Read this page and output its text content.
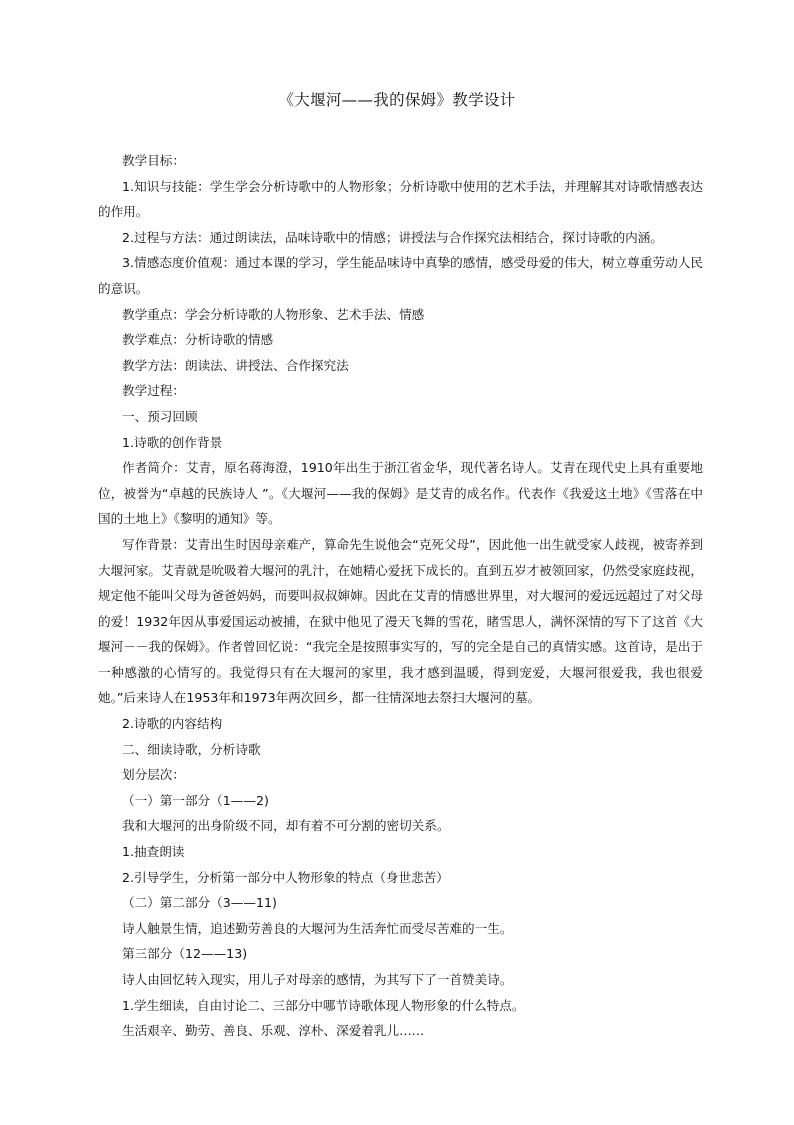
《大堰河——我的保姆》教学设计

教学目标：

1.知识与技能：学生学会分析诗歌中的人物形象；分析诗歌中使用的艺术手法，并理解其对诗歌情感表达的作用。

2.过程与方法：通过朗读法，品味诗歌中的情感；讲授法与合作探究法相结合，探讨诗歌的内涵。

3.情感态度价值观：通过本课的学习，学生能品味诗中真挚的感情，感受母爱的伟大，树立尊重劳动人民的意识。

教学重点：学会分析诗歌的人物形象、艺术手法、情感

教学难点：分析诗歌的情感

教学方法：朗读法、讲授法、合作探究法

教学过程：

一、预习回顾

1.诗歌的创作背景

作者简介：艾青，原名蒋海澄，1910年出生于浙江省金华，现代著名诗人。艾青在现代史上具有重要地位，被誉为“卓越的民族诗人 ”。《大堰河——我的保姆》是艾青的成名作。代表作《我爱这土地》《雪落在中国的土地上》《黎明的通知》等。

写作背景：艾青出生时因母亲难产，算命先生说他会“克死父母”，因此他一出生就受家人歧视，被寄养到大堰河家。艾青就是吮吸着大堰河的乳汁，在她精心爱抚下成长的。直到五岁才被领回家，仍然受家庭歧视，规定他不能叫父母为爸爸妈妈，而要叫叔叔婶婶。因此在艾青的情感世界里，对大堰河的爱远远超过了对父母的爱！1932年因从事爱国运动被捕，在狱中他见了漫天飞舞的雪花，睹雪思人，满怀深情的写下了这首《大堰河－－我的保姆》。作者曾回忆说：“我完全是按照事实写的，写的完全是自己的真情实感。这首诗，是出于一种感激的心情写的。我觉得只有在大堰河的家里，我才感到温暖，得到宠爱，大堰河很爱我，我也很爱她。”后来诗人在1953年和1973年两次回乡，都一往情深地去祭扫大堰河的墓。

2.诗歌的内容结构

二、细读诗歌，分析诗歌

划分层次：

（一）第一部分（1——2)

我和大堰河的出身阶级不同，却有着不可分割的密切关系。

1.抽查朗读

2.引导学生，分析第一部分中人物形象的特点（身世悲苦）

（二）第二部分（3——11)

诗人触景生情，追述勤劳善良的大堰河为生活奔忙而受尽苦难的一生。

第三部分（12——13)

诗人由回忆转入现实，用儿子对母亲的感情，为其写下了一首赞美诗。

1.学生细读，自由讨论二、三部分中哪节诗歌体现人物形象的什么特点。

生活艰辛、勤劳、善良、乐观、淳朴、深爱着乳儿……
